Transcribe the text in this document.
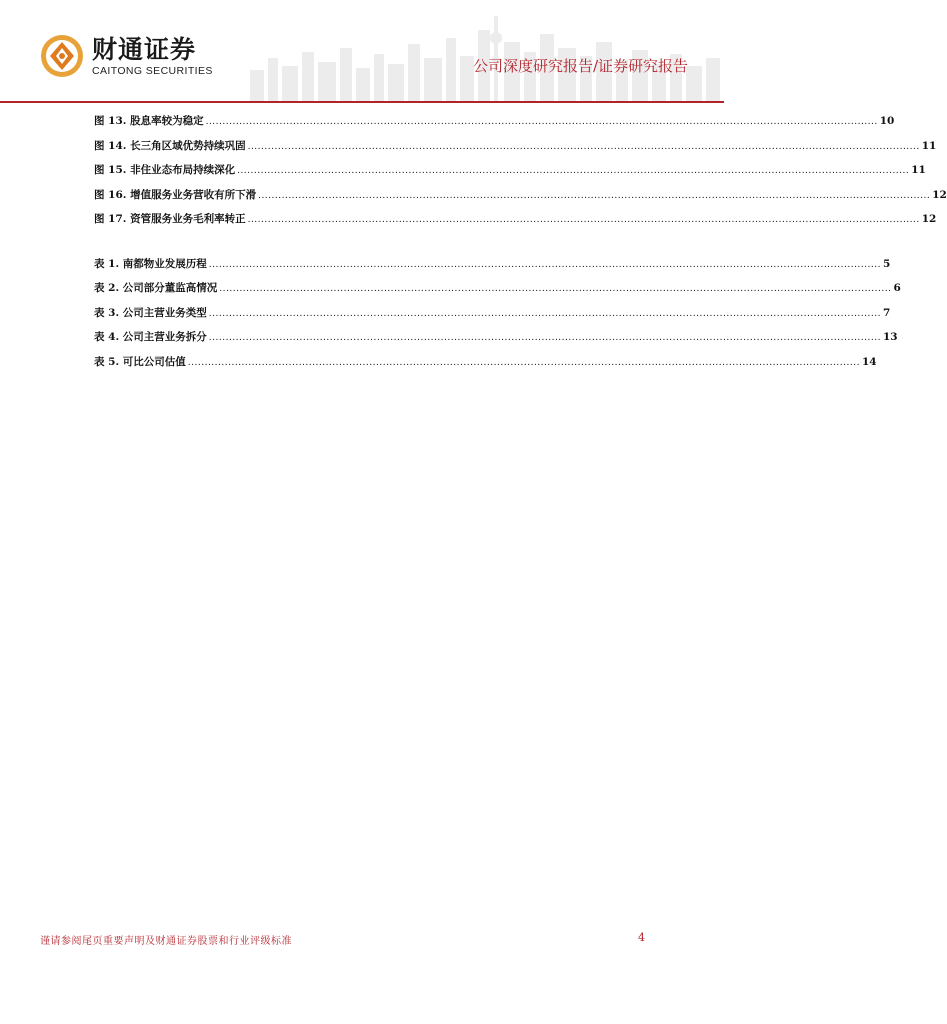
财通证券
CAITONG SECURITIES	公司深度研究报告/证券研究报告
图 13. 股息率较为稳定 ........................................................................................................................................................................................................ 10
图 14. 长三角区域优势持续巩固 ........................................................................................................................................................................................................ 11
图 15. 非住业态布局持续深化 ........................................................................................................................................................................................................ 11
图 16. 增值服务业务营收有所下滑 ........................................................................................................................................................................................................ 12
图 17. 资管服务业务毛利率转正 ........................................................................................................................................................................................................ 12
表 1. 南都物业发展历程 ........................................................................................................................................................................................................ 5
表 2. 公司部分董监高情况 ........................................................................................................................................................................................................ 6
表 3. 公司主营业务类型 ........................................................................................................................................................................................................ 7
表 4. 公司主营业务拆分 ........................................................................................................................................................................................................ 13
表 5. 可比公司估值 ........................................................................................................................................................................................................ 14
谨请参阅尾页重要声明及财通证券股票和行业评级标准	4
